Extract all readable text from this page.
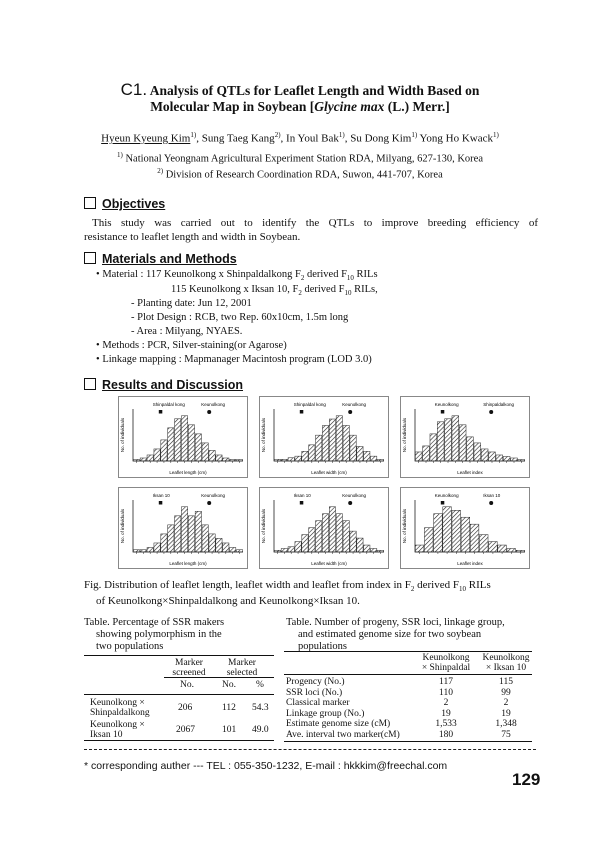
C1. Analysis of QTLs for Leaflet Length and Width Based on
Molecular Map in Soybean [Glycine max (L.) Merr.]
Hyeun Kyeung Kim$^{1)}$, Sung Taeg Kang$^{2)}$, In Youl Bak$^{1)}$, Su Dong Kim$^{1)}$ Yong Ho Kwack$^{1)}$
$^{1)}$ National Yeongnam Agricultural Experiment Station RDA, Milyang, 627-130, Korea
$^{2)}$ Division of Research Coordination RDA, Suwon, 441-707, Korea
Objectives
This study was carried out to identify the QTLs to improve breeding efficiency of
resistance to leaflet length and width in Soybean.
Materials and Methods
• Material : 117 Keunolkong x Shinpaldalkong $F_2$ derived $F_{10}$ RILs
115 Keunolkong x Iksan 10, $F_2$ derived $F_{10}$ RILs,
- Planting date: Jun 12, 2001
- Plot Design : RCB, two Rep. 60x10cm, 1.5m long
- Area : Milyang, NYAES.
• Methods : PCR, Silver-staining(or Agarose)
• Linkage mapping : Mapmanager Macintosh program (LOD 3.0)
Results and Discussion
Shinpaldal kong	Keunolkong
Leaflet length (cm)
No. of individuals
Shinpaldal kong	Keunolkong
Leaflet width (cm)
No. of individuals
Keunolkong	Shinpaldalkong
Leaflet index
No. of individuals
Iksan 10	Keunolkong
Leaflet length (cm)
No. of individuals
Iksan 10	Keunolkong
Leaflet width (cm)
No. of individuals
Keunolkong	Iksan 10
Leaflet index
No. of individuals
Fig. Distribution of leaflet length, leaflet width and leaflet from index in $F_2$ derived $F_{10}$ RILs
of Keunolkong×Shinpaldalkong and Keunolkong×Iksan 10.
Table. Percentage of SSR makers
showing polymorphism in the
two populations
Marker
screened
Marker
selected
No.	No. %
Keunolkong ×
Shinpaldalkong	206	112 54.3
Keunolkong ×
Iksan 10	2067	101 49.0
Table. Number of progeny, SSR loci, linkage group,
and estimated genome size for two soybean
populations
Keunolkong
× Shinpaldal
Keunolkong
× Iksan 10
Progency (No.)	117	115
SSR loci (No.)	110	99
Classical marker	2	2
Linkage group (No.)	19	19
Estimate genome size (cM)	1,533	1,348
Ave. interval two marker(cM)	180	75
* corresponding auther --- TEL : 055-350-1232, E-mail : hkkkim@freechal.com
129
